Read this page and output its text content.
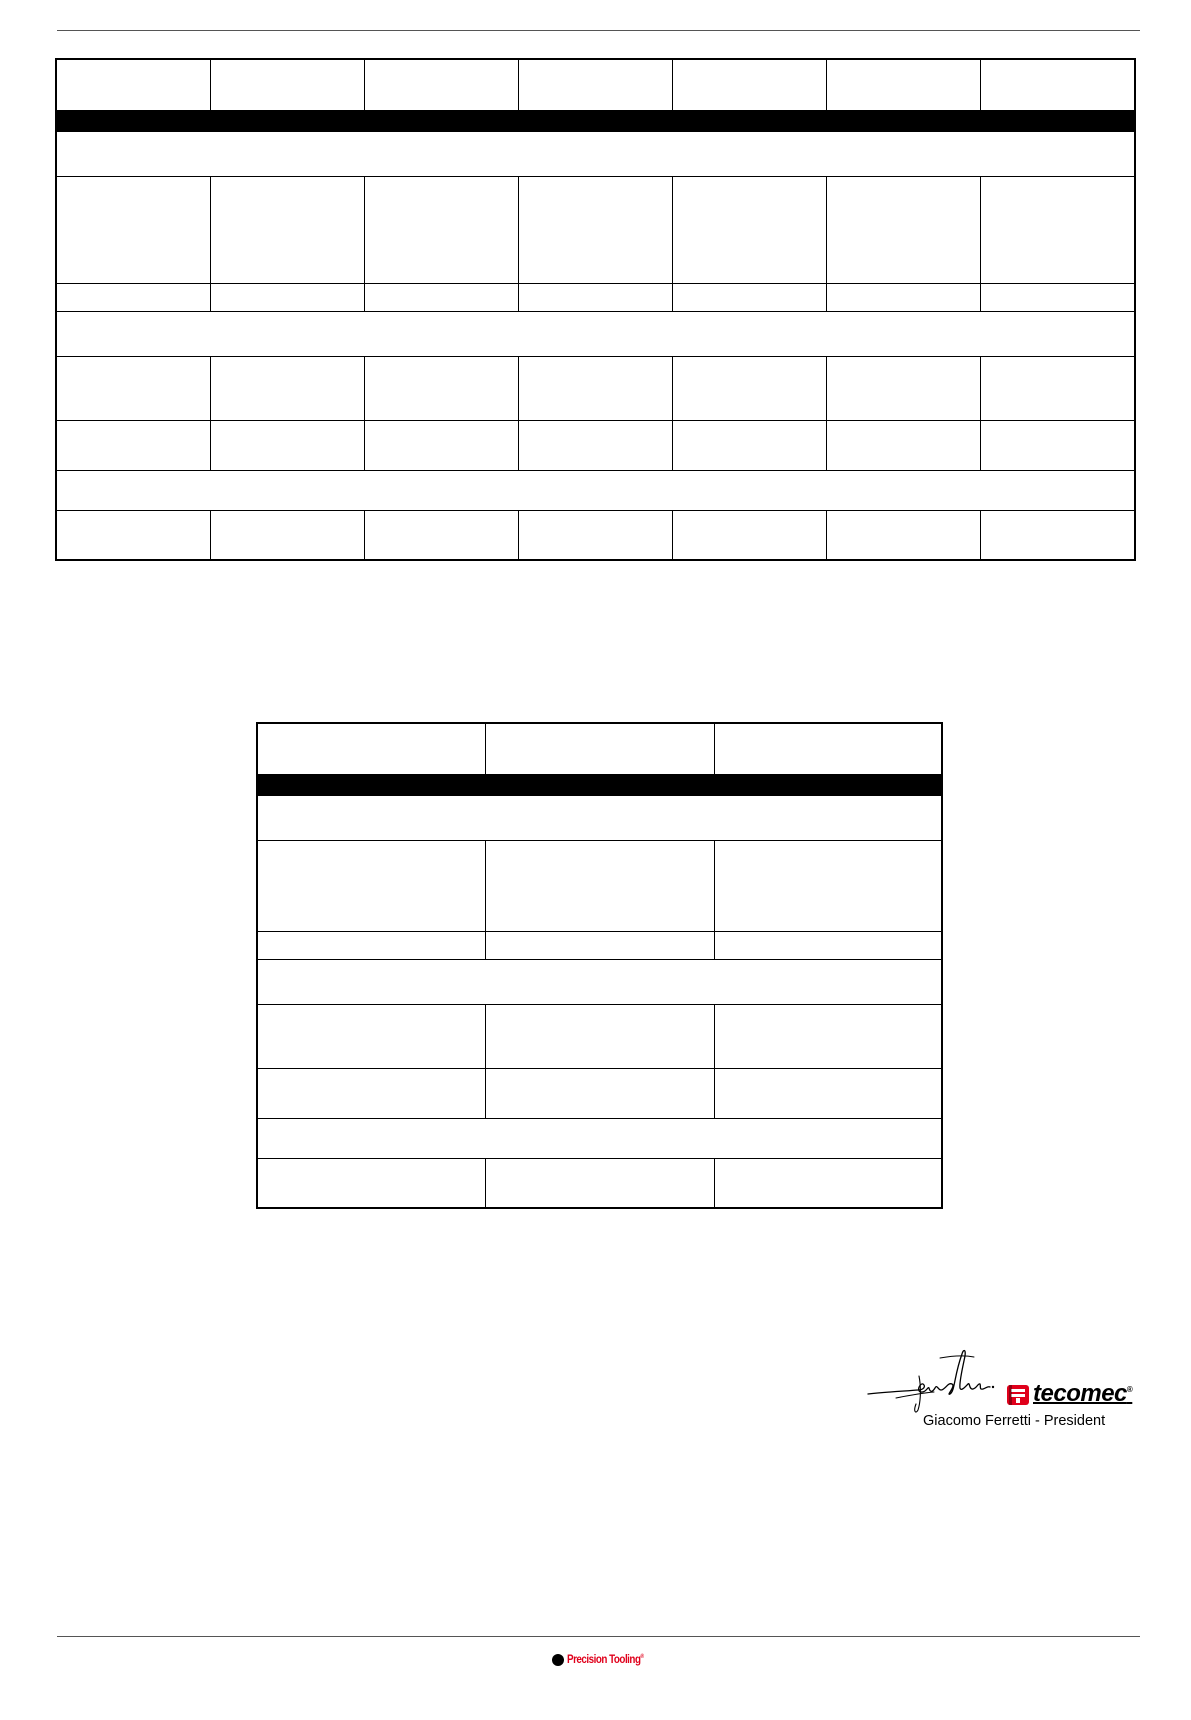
tecomec®
Giacomo Ferretti - President
Precision Tooling®
